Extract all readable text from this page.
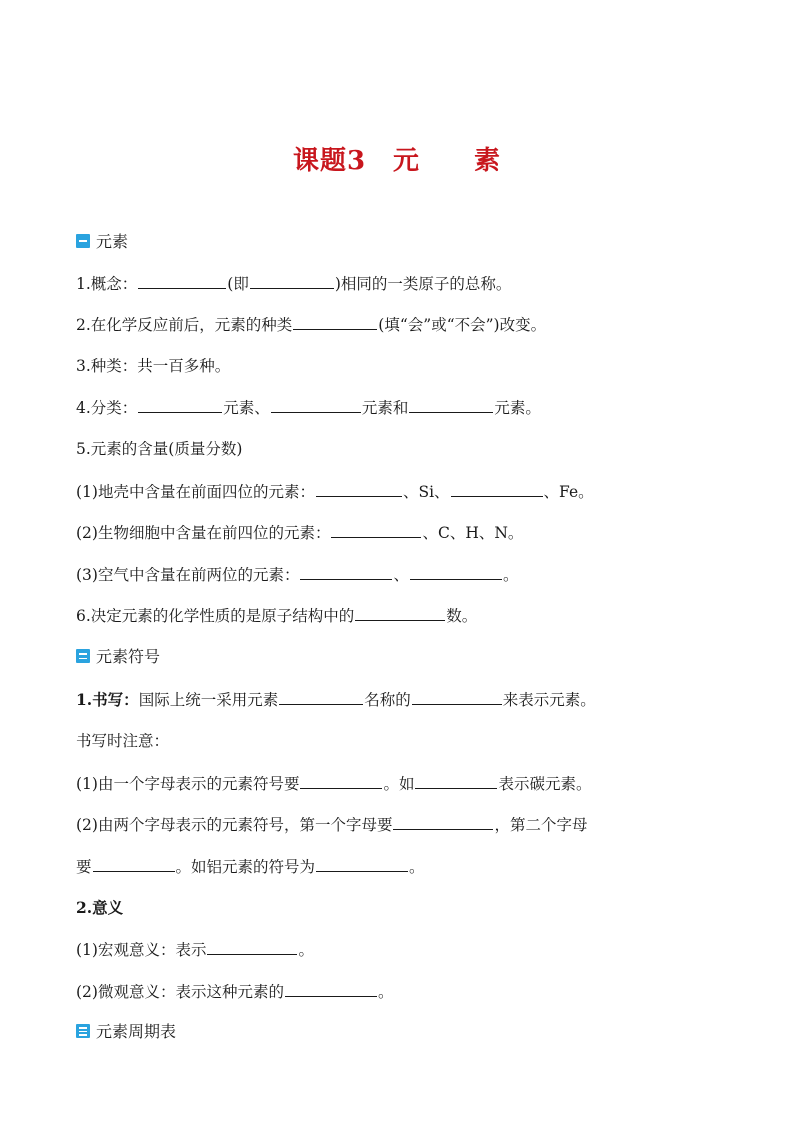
课题3　元　　素
元素
1.概念：	(即	)相同的一类原子的总称。
2.在化学反应前后，元素的种类	(填“会”或“不会”)改变。
3.种类：共一百多种。
4.分类：	元素、	元素和	元素。
5.元素的含量(质量分数)
(1)地壳中含量在前面四位的元素：	、Si、	、Fe。
(2)生物细胞中含量在前四位的元素：	、C、H、N。
(3)空气中含量在前两位的元素：	、	。
6.决定元素的化学性质的是原子结构中的	数。
元素符号
1.书写：国际上统一采用元素	名称的	来表示元素。
书写时注意：
(1)由一个字母表示的元素符号要	。如	表示碳元素。
(2)由两个字母表示的元素符号，第一个字母要	，第二个字母
要	。如铝元素的符号为	。
2.意义
(1)宏观意义：表示	。
(2)微观意义：表示这种元素的	。
元素周期表
